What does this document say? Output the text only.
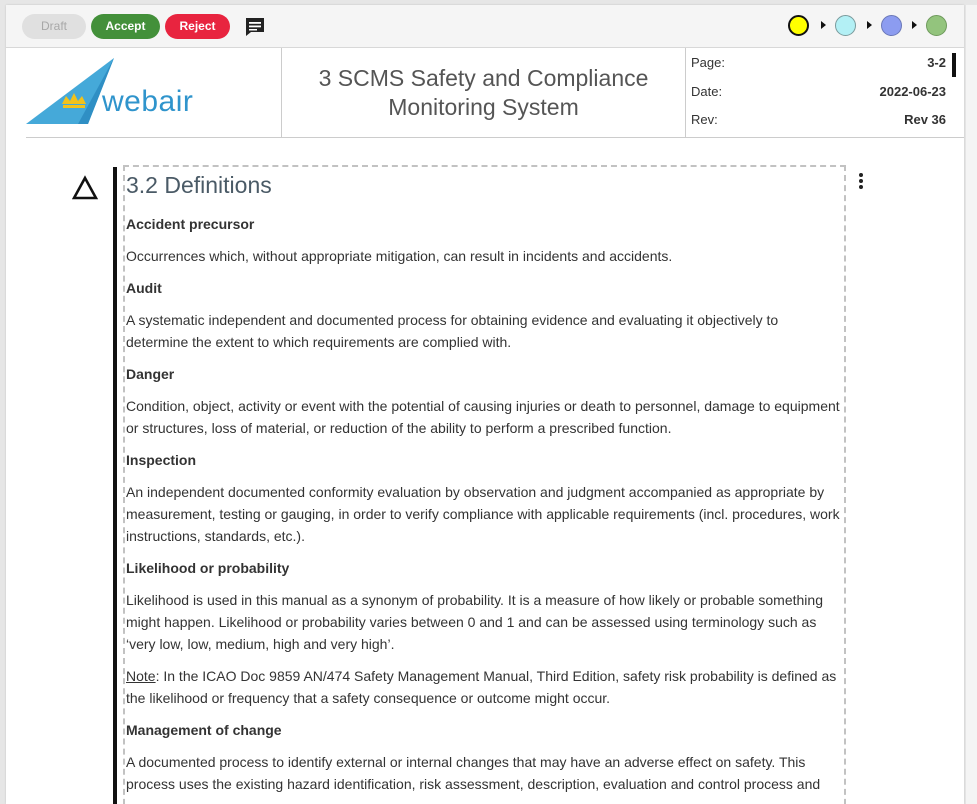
Draft	Accept	Reject
webair
3 SCMS Safety and Compliance Monitoring System
Page:	3-2
Date:	2022-06-23
Rev:	Rev 36
3.2 Definitions
Accident precursor
Occurrences which, without appropriate mitigation, can result in incidents and accidents.
Audit
A systematic independent and documented process for obtaining evidence and evaluating it objectively to determine the extent to which requirements are complied with.
Danger
Condition, object, activity or event with the potential of causing injuries or death to personnel, damage to equipment or structures, loss of material, or reduction of the ability to perform a prescribed function.
Inspection
An independent documented conformity evaluation by observation and judgment accompanied as appropriate by measurement, testing or gauging, in order to verify compliance with applicable requirements (incl. procedures, work instructions, standards, etc.).
Likelihood or probability
Likelihood is used in this manual as a synonym of probability. It is a measure of how likely or probable something might happen. Likelihood or probability varies between 0 and 1 and can be assessed using terminology such as ‘very low, low, medium, high and very high’.
Note: In the ICAO Doc 9859 AN/474 Safety Management Manual, Third Edition, safety risk probability is defined as the likelihood or frequency that a safety consequence or outcome might occur.
Management of change
A documented process to identify external or internal changes that may have an adverse effect on safety. This process uses the existing hazard identification, risk assessment, description, evaluation and control process and
